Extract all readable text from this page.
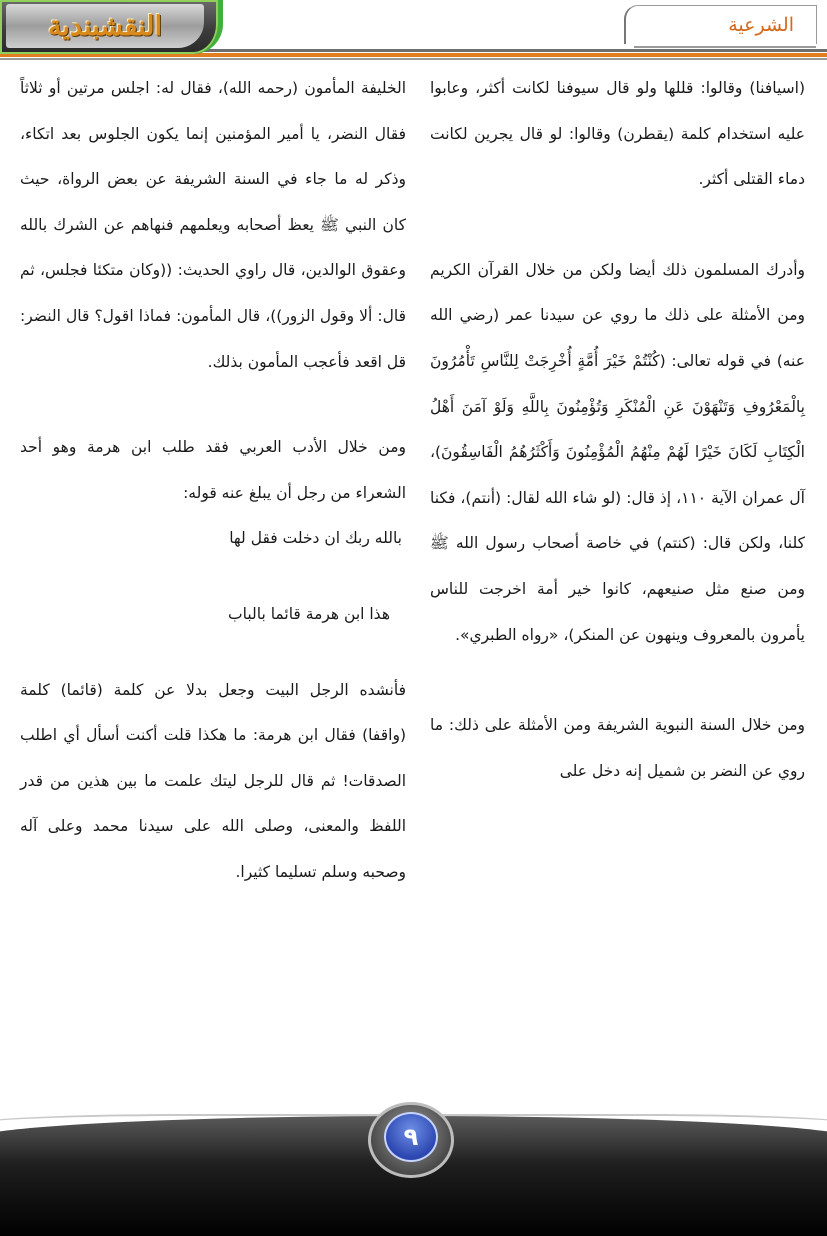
النقشبندية	الشرعية

(اسيافنا) وقالوا: قللها ولو قال سيوفنا لكانت أكثر، وعابوا عليه استخدام كلمة (يقطرن) وقالوا: لو قال يجرين لكانت دماء القتلى أكثر.

وأدرك المسلمون ذلك أيضا ولكن من خلال القرآن الكريم ومن الأمثلة على ذلك ما روي عن سيدنا عمر (رضي الله عنه) في قوله تعالى: (كُنْتُمْ خَيْرَ أُمَّةٍ أُخْرِجَتْ لِلنَّاسِ تَأْمُرُونَ بِالْمَعْرُوفِ وَتَنْهَوْنَ عَنِ الْمُنْكَرِ وَتُؤْمِنُونَ بِاللَّهِ وَلَوْ آمَنَ أَهْلُ الْكِتَابِ لَكَانَ خَيْرًا لَهُمْ مِنْهُمُ الْمُؤْمِنُونَ وَأَكْثَرُهُمُ الْفَاسِقُونَ)، آل عمران الآية ١١٠، إذ قال: (لو شاء الله لقال: (أنتم)، فكنا كلنا، ولكن قال: (كنتم) في خاصة أصحاب رسول الله ﷺ ومن صنع مثل صنيعهم، كانوا خير أمة اخرجت للناس يأمرون بالمعروف وينهون عن المنكر)، «رواه الطبري».

ومن خلال السنة النبوية الشريفة ومن الأمثلة على ذلك: ما روي عن النضر بن شميل إنه دخل على

الخليفة المأمون (رحمه الله)، فقال له: اجلس مرتين أو ثلاثاً فقال النضر، يا أمير المؤمنين إنما يكون الجلوس بعد اتكاء، وذكر له ما جاء في السنة الشريفة عن بعض الرواة، حيث كان النبي ﷺ يعظ أصحابه ويعلمهم فنهاهم عن الشرك بالله وعقوق الوالدين، قال راوي الحديث: ((وكان متكئا فجلس، ثم قال: ألا وقول الزور))، قال المأمون: فماذا اقول؟ قال النضر: قل اقعد فأعجب المأمون بذلك.

ومن خلال الأدب العربي فقد طلب ابن هرمة وهو أحد الشعراء من رجل أن يبلغ عنه قوله:

بالله ربك ان دخلت فقل لها

هذا ابن هرمة قائما بالباب

فأنشده الرجل البيت وجعل بدلا عن كلمة (قائما) كلمة (واقفا) فقال ابن هرمة: ما هكذا قلت أكنت أسأل أي اطلب الصدقات! ثم قال للرجل ليتك علمت ما بين هذين من قدر اللفظ والمعنى، وصلى الله على سيدنا محمد وعلى آله وصحبه وسلم تسليما كثيرا.

٩
